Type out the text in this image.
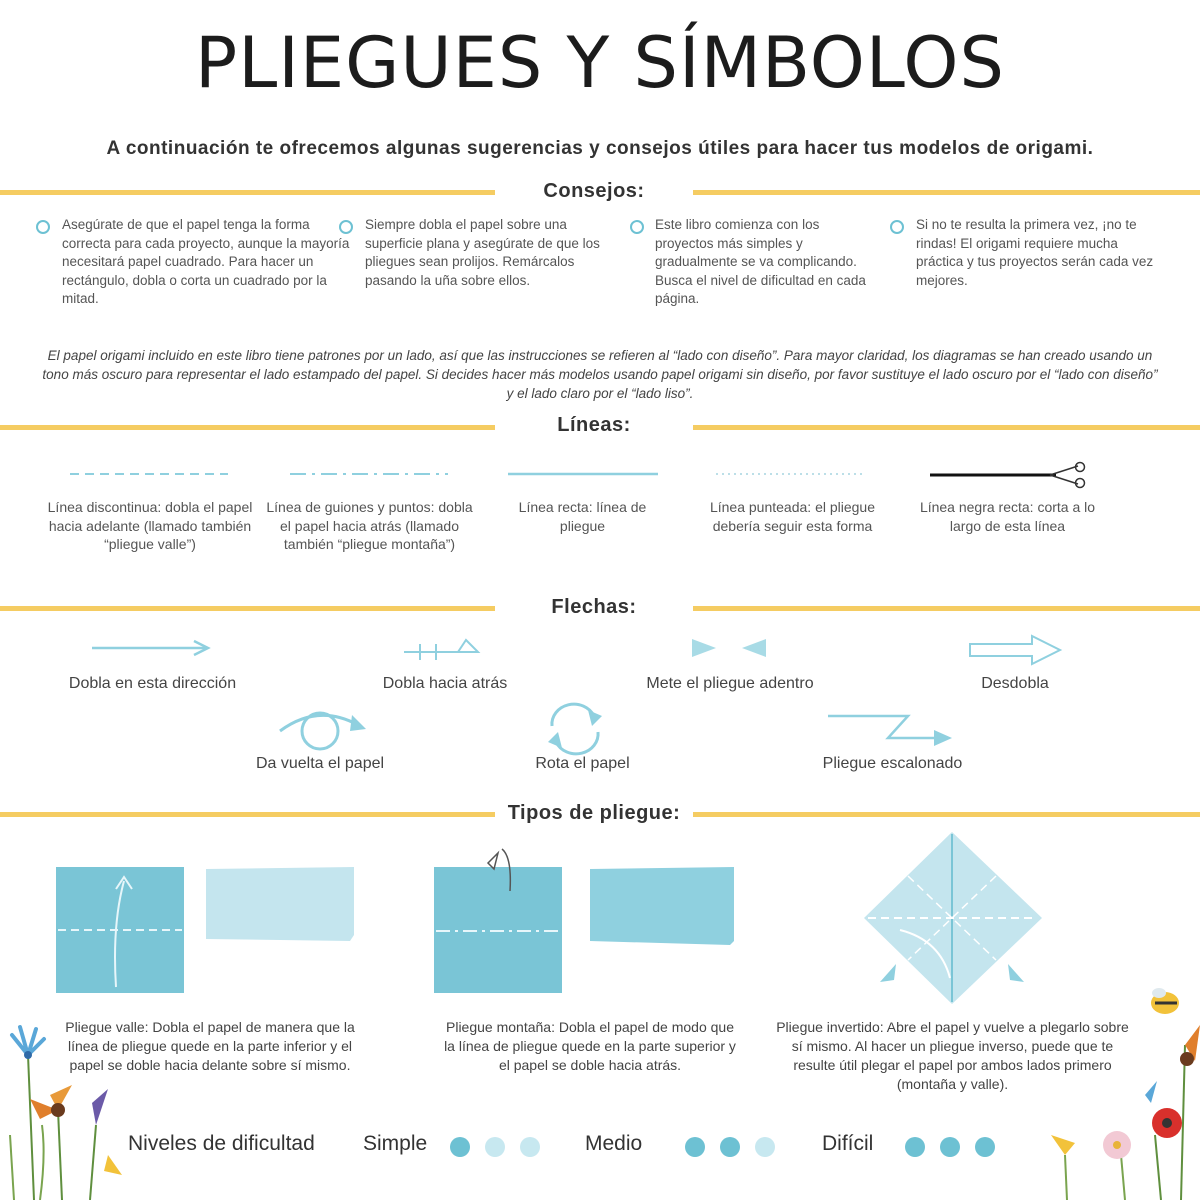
PLIEGUES Y SÍMBOLOS
A continuación te ofrecemos algunas sugerencias y consejos útiles para hacer tus modelos de origami.
Consejos:
Asegúrate de que el papel tenga la forma correcta para cada proyecto, aunque la mayoría necesitará papel cuadrado. Para hacer un rectángulo, dobla o corta un cuadrado por la mitad.
Siempre dobla el papel sobre una superficie plana y asegúrate de que los pliegues sean prolijos. Remárcalos pasando la uña sobre ellos.
Este libro comienza con los proyectos más simples y gradualmente se va complicando. Busca el nivel de dificultad en cada página.
Si no te resulta la primera vez, ¡no te rindas! El origami requiere mucha práctica y tus proyectos serán cada vez mejores.
El papel origami incluido en este libro tiene patrones por un lado, así que las instrucciones se refieren al “lado con diseño”. Para mayor claridad, los diagramas se han creado usando un tono más oscuro para representar el lado estampado del papel. Si decides hacer más modelos usando papel origami sin diseño, por favor sustituye el lado oscuro por el “lado con diseño” y el lado claro por el “lado liso”.
Líneas:
Línea discontinua: dobla el papel hacia adelante (llamado también “pliegue valle”)
Línea de guiones y puntos: dobla el papel hacia atrás (llamado también “pliegue montaña”)
Línea recta: línea de pliegue
Línea punteada: el pliegue debería seguir esta forma
Línea negra recta: corta a lo largo de esta línea
Flechas:
Dobla en esta dirección	Dobla hacia atrás	Mete el pliegue adentro	Desdobla
Da vuelta el papel	Rota el papel	Pliegue escalonado
Tipos de pliegue:
Pliegue valle: Dobla el papel de manera que la línea de pliegue quede en la parte inferior y el papel se doble hacia delante sobre sí mismo.
Pliegue montaña: Dobla el papel de modo que la línea de pliegue quede en la parte superior y el papel se doble hacia atrás.
Pliegue invertido: Abre el papel y vuelve a plegarlo sobre sí mismo. Al hacer un pliegue inverso, puede que te resulte útil plegar el papel por ambos lados primero (montaña y valle).
Niveles de dificultad Simple	Medio	Difícil
